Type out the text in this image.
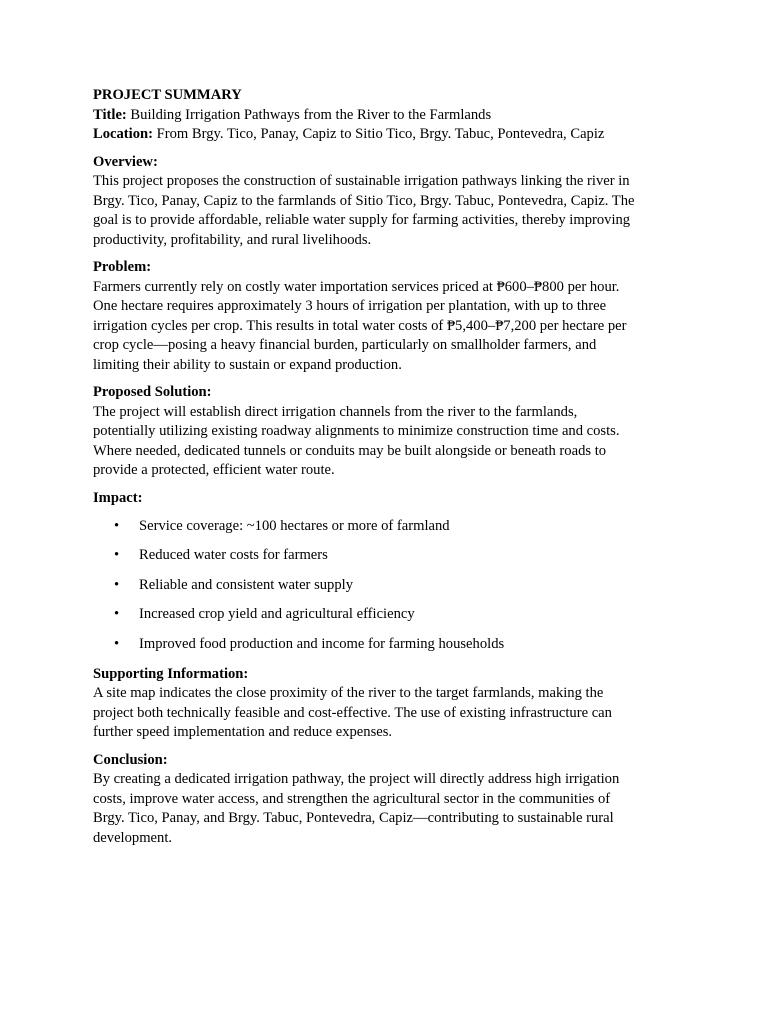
PROJECT SUMMARY
Title: Building Irrigation Pathways from the River to the Farmlands
Location: From Brgy. Tico, Panay, Capiz to Sitio Tico, Brgy. Tabuc, Pontevedra, Capiz
Overview:
This project proposes the construction of sustainable irrigation pathways linking the river in
Brgy. Tico, Panay, Capiz to the farmlands of Sitio Tico, Brgy. Tabuc, Pontevedra, Capiz. The
goal is to provide affordable, reliable water supply for farming activities, thereby improving
productivity, profitability, and rural livelihoods.
Problem:
Farmers currently rely on costly water importation services priced at ₱600–₱800 per hour.
One hectare requires approximately 3 hours of irrigation per plantation, with up to three
irrigation cycles per crop. This results in total water costs of ₱5,400–₱7,200 per hectare per
crop cycle—posing a heavy financial burden, particularly on smallholder farmers, and
limiting their ability to sustain or expand production.
Proposed Solution:
The project will establish direct irrigation channels from the river to the farmlands,
potentially utilizing existing roadway alignments to minimize construction time and costs.
Where needed, dedicated tunnels or conduits may be built alongside or beneath roads to
provide a protected, efficient water route.
Impact:
• Service coverage: ~100 hectares or more of farmland
• Reduced water costs for farmers
• Reliable and consistent water supply
• Increased crop yield and agricultural efficiency
• Improved food production and income for farming households
Supporting Information:
A site map indicates the close proximity of the river to the target farmlands, making the
project both technically feasible and cost-effective. The use of existing infrastructure can
further speed implementation and reduce expenses.
Conclusion:
By creating a dedicated irrigation pathway, the project will directly address high irrigation
costs, improve water access, and strengthen the agricultural sector in the communities of
Brgy. Tico, Panay, and Brgy. Tabuc, Pontevedra, Capiz—contributing to sustainable rural
development.
